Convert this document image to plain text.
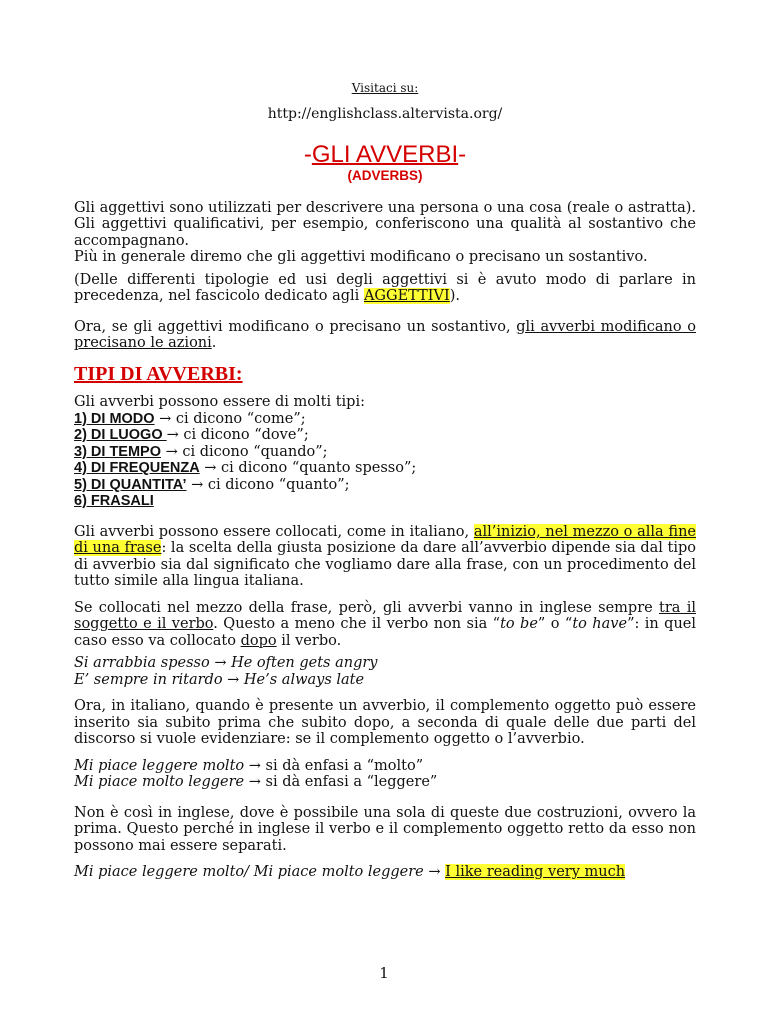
Visitaci su:
http://englishclass.altervista.org/
-GLI AVVERBI-
(ADVERBS)

Gli aggettivi sono utilizzati per descrivere una persona o una cosa (reale o astratta). Gli aggettivi qualificativi, per esempio, conferiscono una qualità al sostantivo che accompagnano.

Più in generale diremo che gli aggettivi modificano o precisano un sostantivo.

(Delle differenti tipologie ed usi degli aggettivi si è avuto modo di parlare in precedenza, nel fascicolo dedicato agli AGGETTIVI).

Ora, se gli aggettivi modificano o precisano un sostantivo, gli avverbi modificano o precisano le azioni.

TIPI DI AVVERBI:
Gli avverbi possono essere di molti tipi:
1) DI MODO → ci dicono “come”;
2) DI LUOGO → ci dicono “dove”;
3) DI TEMPO → ci dicono “quando”;
4) DI FREQUENZA → ci dicono “quanto spesso”;
5) DI QUANTITA’ → ci dicono “quanto”;
6) FRASALI

Gli avverbi possono essere collocati, come in italiano, all’inizio, nel mezzo o alla fine di una frase: la scelta della giusta posizione da dare all’avverbio dipende sia dal tipo di avverbio sia dal significato che vogliamo dare alla frase, con un procedimento del tutto simile alla lingua italiana.

Se collocati nel mezzo della frase, però, gli avverbi vanno in inglese sempre tra il soggetto e il verbo. Questo a meno che il verbo non sia “to be” o “to have”: in quel caso esso va collocato dopo il verbo.

Si arrabbia spesso → He often gets angry
E’ sempre in ritardo → He’s always late

Ora, in italiano, quando è presente un avverbio, il complemento oggetto può essere inserito sia subito prima che subito dopo, a seconda di quale delle due parti del discorso si vuole evidenziare: se il complemento oggetto o l’avverbio.

Mi piace leggere molto → si dà enfasi a “molto”
Mi piace molto leggere → si dà enfasi a “leggere”

Non è così in inglese, dove è possibile una sola di queste due costruzioni, ovvero la prima. Questo perché in inglese il verbo e il complemento oggetto retto da esso non possono mai essere separati.

Mi piace leggere molto/ Mi piace molto leggere → I like reading very much
1
